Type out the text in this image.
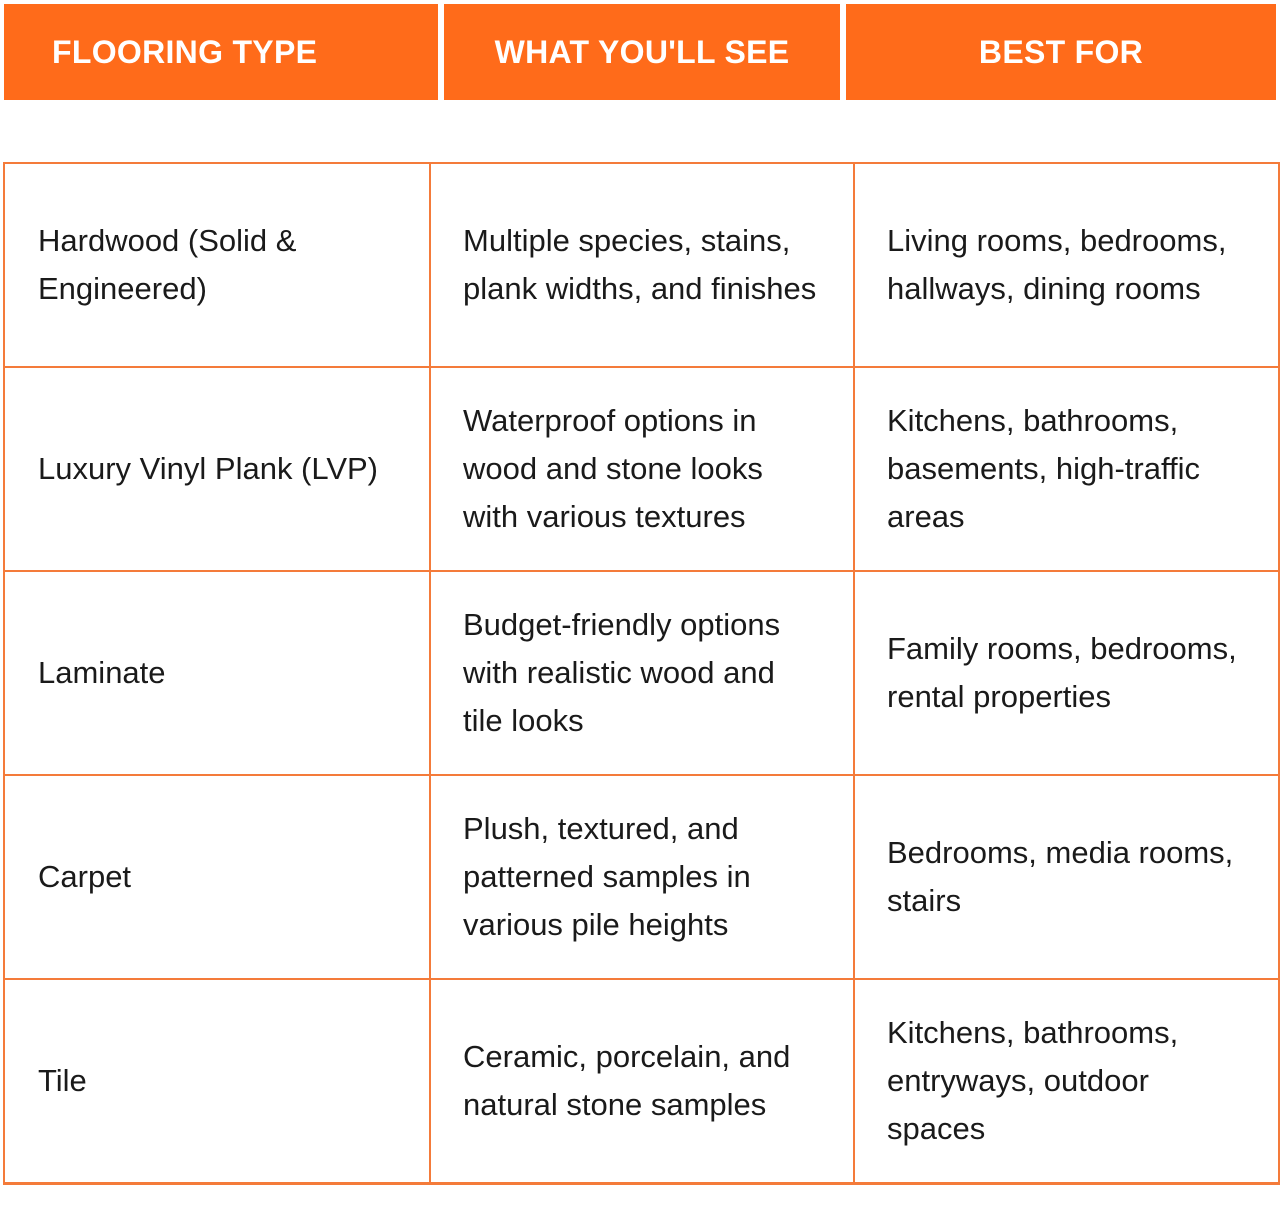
FLOORING TYPE	WHAT YOU'LL SEE	BEST FOR
Hardwood (Solid & Engineered)	Multiple species, stains, plank widths, and finishes	Living rooms, bedrooms, hallways, dining rooms
Luxury Vinyl Plank (LVP)	Waterproof options in wood and stone looks with various textures	Kitchens, bathrooms, basements, high-traffic areas
Laminate	Budget-friendly options with realistic wood and tile looks	Family rooms, bedrooms, rental properties
Carpet	Plush, textured, and patterned samples in various pile heights	Bedrooms, media rooms, stairs
Tile	Ceramic, porcelain, and natural stone samples	Kitchens, bathrooms, entryways, outdoor spaces
